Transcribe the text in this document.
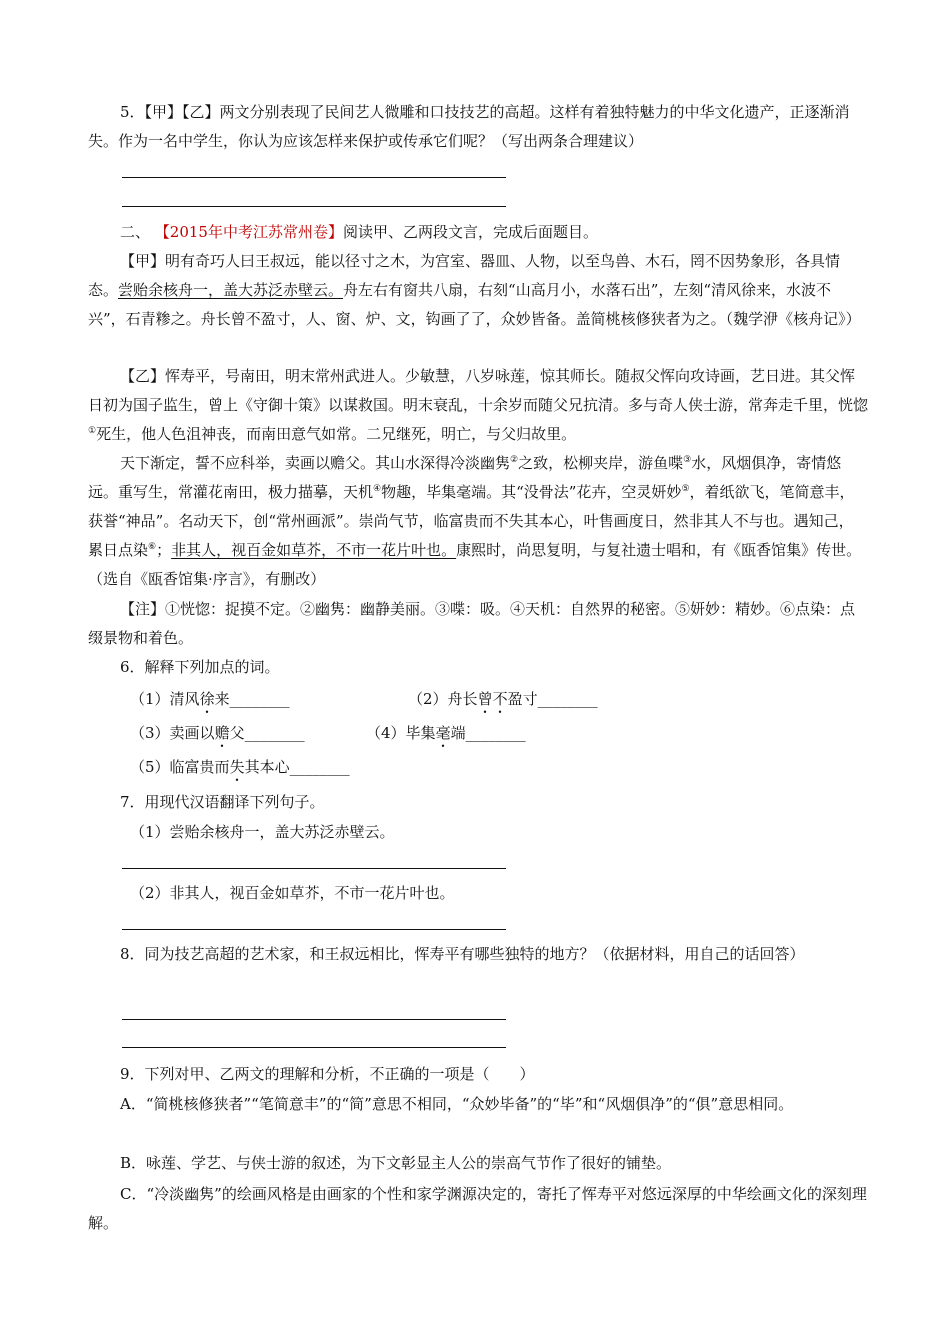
5．【甲】【乙】两文分别表现了民间艺人微雕和口技技艺的高超。这样有着独特魅力的中华文化遗产，正逐渐消失。作为一名中学生，你认为应该怎样来保护或传承它们呢？（写出两条合理建议）
二、 【2015年中考江苏常州卷】阅读甲、乙两段文言，完成后面题目。
【甲】明有奇巧人曰王叔远，能以径寸之木，为宫室、器皿、人物，以至鸟兽、木石，罔不因势象形，各具情态。尝贻余核舟一，盖大苏泛赤壁云。舟左右有窗共八扇，右刻“山高月小，水落石出”，左刻“清风徐来，水波不兴”，石青糁之。舟长曾不盈寸，人、窗、炉、文，钩画了了，众妙皆备。盖简桃核修狭者为之。（魏学洢《核舟记》）
【乙】恽寿平，号南田，明末常州武进人。少敏慧，八岁咏莲，惊其师长。随叔父恽向攻诗画，艺日进。其父恽日初为国子监生，曾上《守御十策》以谋救国。明末衰乱，十余岁而随父兄抗清。多与奇人侠士游，常奔走千里，恍惚①死生，他人色沮神丧，而南田意气如常。二兄继死，明亡，与父归故里。
天下渐定，誓不应科举，卖画以赡父。其山水深得冷淡幽隽②之致，松柳夹岸，游鱼喋③水，风烟俱净，寄情悠远。重写生，常灌花南田，极力描摹，天机④物趣，毕集毫端。其“没骨法”花卉，空灵妍妙⑤，着纸欲飞，笔简意丰，获誉“神品”。名动天下，创“常州画派”。崇尚气节，临富贵而不失其本心，叶售画度日，然非其人不与也。遇知己，累日点染⑥；非其人，视百金如草芥，不市一花片叶也。康熙时，尚思复明，与复社遗士唱和，有《瓯香馆集》传世。（选自《瓯香馆集·序言》，有删改）
【注】①恍惚：捉摸不定。②幽隽：幽静美丽。③喋：吸。④天机：自然界的秘密。⑤妍妙：精妙。⑥点染：点缀景物和着色。
6．解释下列加点的词。
（1）清风徐来________	（2）舟长曾不盈寸________
（3）卖画以赡父________	（4）毕集毫端________
（5）临富贵而失其本心________
7．用现代汉语翻译下列句子。
（1）尝贻余核舟一，盖大苏泛赤壁云。
（2）非其人，视百金如草芥，不市一花片叶也。
8．同为技艺高超的艺术家，和王叔远相比，恽寿平有哪些独特的地方？（依据材料，用自己的话回答）
9．下列对甲、乙两文的理解和分析，不正确的一项是（　　）
A．“简桃核修狭者”“笔简意丰”的“简”意思不相同，“众妙毕备”的“毕”和“风烟俱净”的“俱”意思相同。
B．咏莲、学艺、与侠士游的叙述，为下文彰显主人公的崇高气节作了很好的铺垫。
C．“冷淡幽隽”的绘画风格是由画家的个性和家学渊源决定的，寄托了恽寿平对悠远深厚的中华绘画文化的深刻理解。
